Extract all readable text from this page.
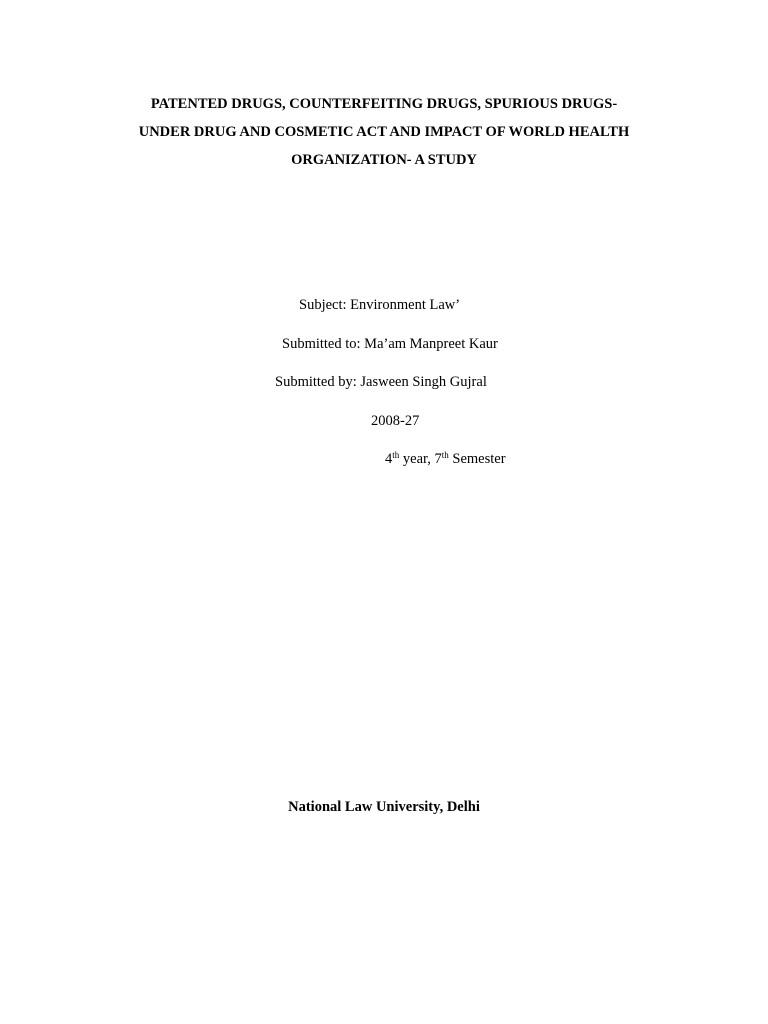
PATENTED DRUGS, COUNTERFEITING DRUGS, SPURIOUS DRUGS-
UNDER DRUG AND COSMETIC ACT AND IMPACT OF WORLD HEALTH
ORGANIZATION- A STUDY
Subject: Environment Law’
Submitted to: Ma’am Manpreet Kaur
Submitted by: Jasween Singh Gujral
2008-27
4th year, 7th Semester
National Law University, Delhi
